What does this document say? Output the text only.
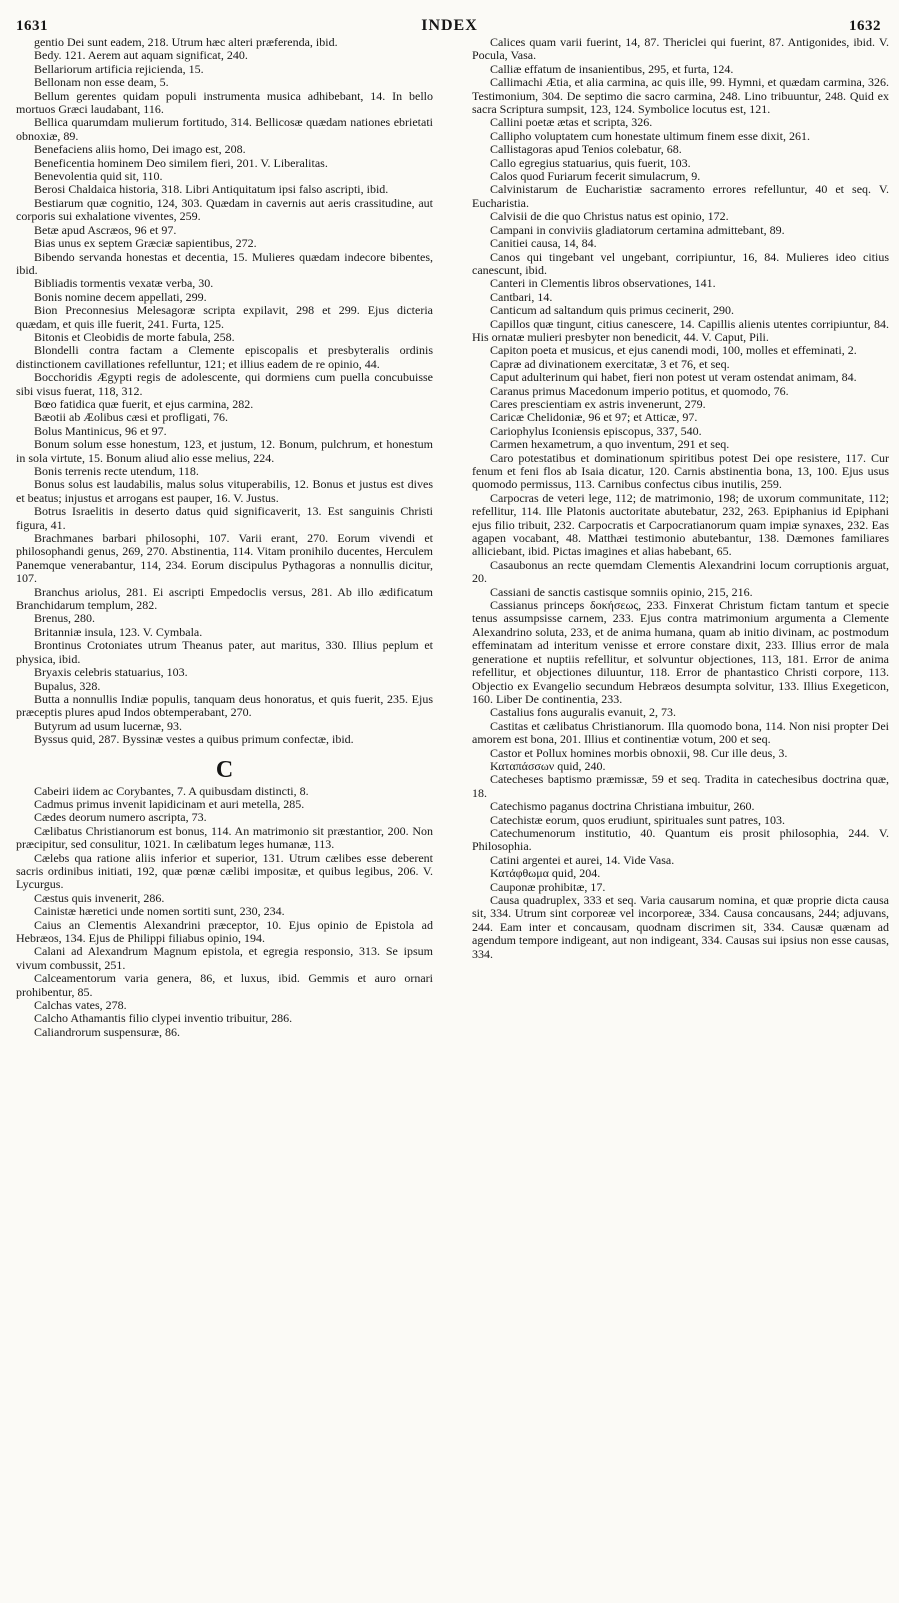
1631	INDEX	1632

gentio Dei sunt eadem, 218. Utrum hæc alteri præferenda, ibid.

Bedy. 121. Aerem aut aquam significat, 240.

Bellariorum artificia rejicienda, 15.

Bellonam non esse deam, 5.

Bellum gerentes quidam populi instrumenta musica adhibebant, 14. In bello mortuos Græci laudabant, 116.

Bellica quarumdam mulierum fortitudo, 314. Bellicosæ quædam nationes ebrietati obnoxiæ, 89.

Benefaciens aliis homo, Dei imago est, 208.

Beneficentia hominem Deo similem fieri, 201. V. Liberalitas.

Benevolentia quid sit, 110.

Berosi Chaldaica historia, 318. Libri Antiquitatum ipsi falso ascripti, ibid.

Bestiarum quæ cognitio, 124, 303. Quædam in cavernis aut aeris crassitudine, aut corporis sui exhalatione viventes, 259.

Betæ apud Ascræos, 96 et 97.

Bias unus ex septem Græciæ sapientibus, 272.

Bibendo servanda honestas et decentia, 15. Mulieres quædam indecore bibentes, ibid.

Bibliadis tormentis vexatæ verba, 30.

Bonis nomine decem appellati, 299.

Bion Preconnesius Melesagoræ scripta expilavit, 298 et 299. Ejus dicteria quædam, et quis ille fuerit, 241. Furta, 125.

Bitonis et Cleobidis de morte fabula, 258.

Blondelli contra factam a Clemente episcopalis et presbyteralis ordinis distinctionem cavillationes refelluntur, 121; et illius eadem de re opinio, 44.

Bocchoridis Ægypti regis de adolescente, qui dormiens cum puella concubuisse sibi visus fuerat, 118, 312.

Bœo fatidica quæ fuerit, et ejus carmina, 282.

Bæotii ab Æolibus cæsi et profligati, 76.

Bolus Mantinicus, 96 et 97.

Bonum solum esse honestum, 123, et justum, 12. Bonum, pulchrum, et honestum in sola virtute, 15. Bonum aliud alio esse melius, 224.

Bonis terrenis recte utendum, 118.

Bonus solus est laudabilis, malus solus vituperabilis, 12. Bonus et justus est dives et beatus; injustus et arrogans est pauper, 16. V. Justus.

Botrus Israelitis in deserto datus quid significaverit, 13. Est sanguinis Christi figura, 41.

Brachmanes barbari philosophi, 107. Varii erant, 270. Eorum vivendi et philosophandi genus, 269, 270. Abstinentia, 114. Vitam pronihilo ducentes, Herculem Panemque venerabantur, 114, 234. Eorum discipulus Pythagoras a nonnullis dicitur, 107.

Branchus ariolus, 281. Ei ascripti Empedoclis versus, 281. Ab illo ædificatum Branchidarum templum, 282.

Brenus, 280.

Britanniæ insula, 123. V. Cymbala.

Brontinus Crotoniates utrum Theanus pater, aut maritus, 330. Illius peplum et physica, ibid.

Bryaxis celebris statuarius, 103.

Bupalus, 328.

Butta a nonnullis Indiæ populis, tanquam deus honoratus, et quis fuerit, 235. Ejus præceptis plures apud Indos obtemperabant, 270.

Butyrum ad usum lucernæ, 93.

Byssus quid, 287. Byssinæ vestes a quibus primum confectæ, ibid.

C

Cabeiri iidem ac Corybantes, 7. A quibusdam distincti, 8.

Cadmus primus invenit lapidicinam et auri metella, 285.

Cædes deorum numero ascripta, 73.

Cælibatus Christianorum est bonus, 114. An matrimonio sit præstantior, 200. Non præcipitur, sed consulitur, 1021. In cælibatum leges humanæ, 113.

Cælebs qua ratione aliis inferior et superior, 131. Utrum cælibes esse deberent sacris ordinibus initiati, 192, quæ pœnæ cælibi impositæ, et quibus legibus, 206. V. Lycurgus.

Cæstus quis invenerit, 286.

Cainistæ hæretici unde nomen sortiti sunt, 230, 234.

Caius an Clementis Alexandrini præceptor, 10. Ejus opinio de Epistola ad Hebræos, 134. Ejus de Philippi filiabus opinio, 194.

Calani ad Alexandrum Magnum epistola, et egregia responsio, 313. Se ipsum vivum combussit, 251.

Calceamentorum varia genera, 86, et luxus, ibid. Gemmis et auro ornari prohibentur, 85.

Calchas vates, 278.

Calcho Athamantis filio clypei inventio tribuitur, 286.

Caliandrorum suspensuræ, 86.

Calices quam varii fuerint, 14, 87. Thericlei qui fuerint, 87. Antigonides, ibid. V. Pocula, Vasa.

Calliæ effatum de insanientibus, 295, et furta, 124.

Callimachi Ætia, et alia carmina, ac quis ille, 99. Hymni, et quædam carmina, 326. Testimonium, 304. De septimo die sacro carmina, 248. Lino tribuuntur, 248. Quid ex sacra Scriptura sumpsit, 123, 124. Symbolice locutus est, 121.

Callini poetæ ætas et scripta, 326.

Calliphо voluptatem cum honestate ultimum finem esse dixit, 261.

Callistagoras apud Tenios colebatur, 68.

Callo egregius statuarius, quis fuerit, 103.

Calos quod Furiarum fecerit simulacrum, 9.

Calvinistarum de Eucharistiæ sacramento errores refelluntur, 40 et seq. V. Eucharistia.

Calvisii de die quo Christus natus est opinio, 172.

Campani in conviviis gladiatorum certamina admittebant, 89.

Canitiei causa, 14, 84.

Canos qui tingebant vel ungebant, corripiuntur, 16, 84. Mulieres ideo citius canescunt, ibid.

Canteri in Clementis libros observationes, 141.

Cantbari, 14.

Canticum ad saltandum quis primus cecinerit, 290.

Capillos quæ tingunt, citius canescere, 14. Capillis alienis utentes corripiuntur, 84. His ornatæ mulieri presbyter non benedicit, 44. V. Caput, Pili.

Capiton poeta et musicus, et ejus canendi modi, 100, molles et effeminati, 2.

Capræ ad divinationem exercitatæ, 3 et 76, et seq.

Caput adulterinum qui habet, fieri non potest ut veram ostendat animam, 84.

Caranus primus Macedonum imperio potitus, et quomodo, 76.

Cares prescientiam ex astris invenerunt, 279.

Caricæ Chelidoniæ, 96 et 97; et Atticæ, 97.

Cariophylus Iconiensis episcopus, 337, 540.

Carmen hexametrum, a quo inventum, 291 et seq.

Caro potestatibus et dominationum spiritibus potest Dei ope resistere, 117. Cur fenum et feni flos ab Isaia dicatur, 120. Carnis abstinentia bona, 13, 100. Ejus usus quomodo permissus, 113. Carnibus confectus cibus inutilis, 259.

Carpocras de veteri lege, 112; de matrimonio, 198; de uxorum communitate, 112; refellitur, 114. Ille Platonis auctoritate abutebatur, 232, 263. Epiphanius id Epiphani ejus filio tribuit, 232. Carpocratis et Carpocratianorum quam impiæ synaxes, 232. Eas agapen vocabant, 48. Matthæi testimonio abutebantur, 138. Dæmones familiares alliciebant, ibid. Pictas imagines et alias habebant, 65.

Casaubonus an recte quemdam Clementis Alexandrini locum corruptionis arguat, 20.

Cassiani de sanctis castisque somniis opinio, 215, 216.

Cassianus princeps δοκήσεως, 233. Finxerat Christum fictam tantum et specie tenus assumpsisse carnem, 233. Ejus contra matrimonium argumenta a Clemente Alexandrino soluta, 233, et de anima humana, quam ab initio divinam, ac postmodum effeminatam ad interitum venisse et errore constare dixit, 233. Illius error de mala generatione et nuptiis refellitur, et solvuntur objectiones, 113, 181. Error de anima refellitur, et objectiones diluuntur, 118. Error de phantastico Christi corpore, 113. Objectio ex Evangelio secundum Hebræos desumpta solvitur, 133. Illius Exegeticon, 160. Liber De continentia, 233.

Castalius fons auguralis evanuit, 2, 73.

Castitas et cælibatus Christianorum. Illa quomodo bona, 114. Non nisi propter Dei amorem est bona, 201. Illius et continentiæ votum, 200 et seq.

Castor et Pollux homines morbis obnoxii, 98. Cur ille deus, 3.

Καταπάσσων quid, 240.

Catecheses baptismo præmissæ, 59 et seq. Tradita in catechesibus doctrina quæ, 18.

Catechismo paganus doctrina Christiana imbuitur, 260.

Catechistæ eorum, quos erudiunt, spirituales sunt patres, 103.

Catechumenorum institutio, 40. Quantum eis prosit philosophia, 244. V. Philosophia.

Catini argentei et aurei, 14. Vide Vasa.

Κατάφθωμα quid, 204.

Cauponæ prohibitæ, 17.

Causa quadruplex, 333 et seq. Varia causarum nomina, et quæ proprie dicta causa sit, 334. Utrum sint corporeæ vel incorporeæ, 334. Causa concausans, 244; adjuvans, 244. Eam inter et concausam, quodnam discrimen sit, 334. Causæ quænam ad agendum tempore indigeant, aut non indigeant, 334. Causas sui ipsius non esse causas, 334.
